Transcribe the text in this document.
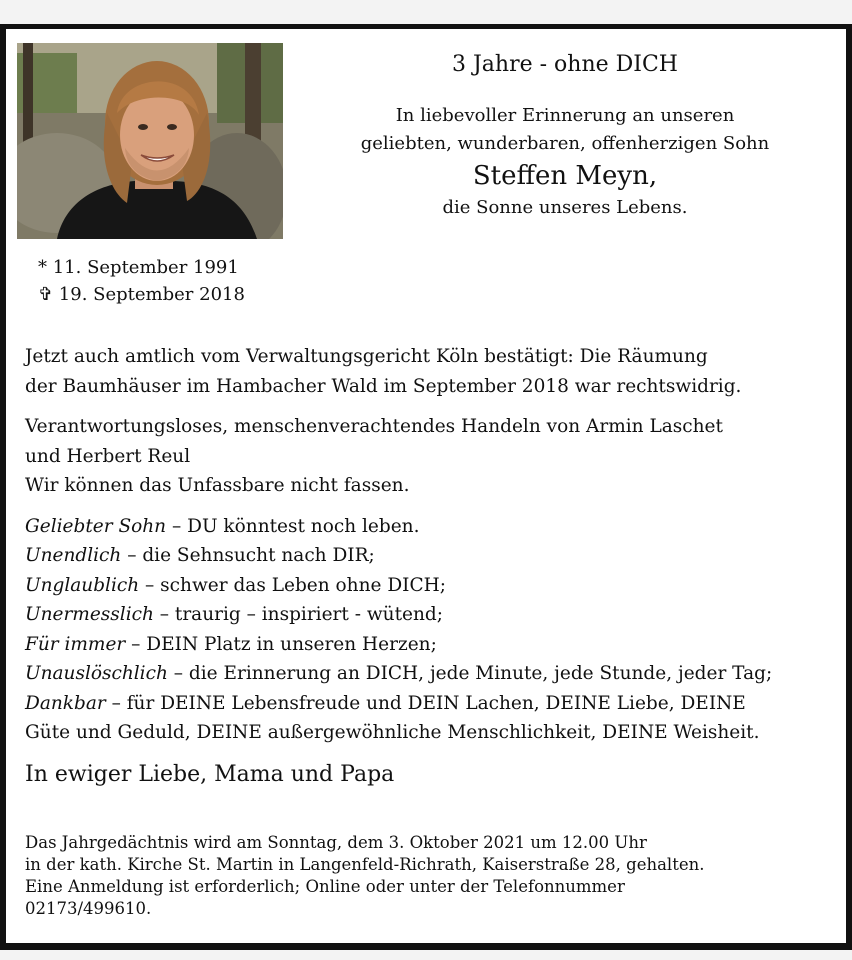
* 11. September 1991
✞ 19. September 2018
3 Jahre - ohne DICH
In liebevoller Erinnerung an unseren
geliebten, wunderbaren, offenherzigen Sohn
Steffen Meyn,
die Sonne unseres Lebens.
Jetzt auch amtlich vom Verwaltungsgericht Köln bestätigt: Die Räumung
der Baumhäuser im Hambacher Wald im September 2018 war rechtswidrig.
Verantwortungsloses, menschenverachtendes Handeln von Armin Laschet
und Herbert Reul
Wir können das Unfassbare nicht fassen.
Geliebter Sohn – DU könntest noch leben.
Unendlich – die Sehnsucht nach DIR;
Unglaublich – schwer das Leben ohne DICH;
Unermesslich – traurig – inspiriert - wütend;
Für immer – DEIN Platz in unseren Herzen;
Unauslöschlich – die Erinnerung an DICH, jede Minute, jede Stunde, jeder Tag;
Dankbar – für DEINE Lebensfreude und DEIN Lachen, DEINE Liebe, DEINE
Güte und Geduld, DEINE außergewöhnliche Menschlichkeit, DEINE Weisheit.
In ewiger Liebe, Mama und Papa
Das Jahrgedächtnis wird am Sonntag, dem 3. Oktober 2021 um 12.00 Uhr
in der kath. Kirche St. Martin in Langenfeld-Richrath, Kaiserstraße 28, gehalten.
Eine Anmeldung ist erforderlich; Online oder unter der Telefonnummer
02173/499610.
